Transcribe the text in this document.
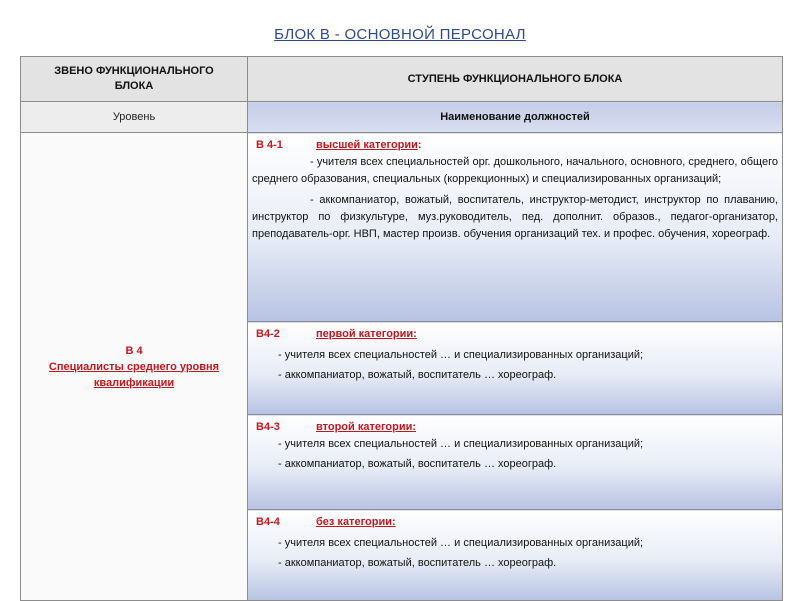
БЛОК В - ОСНОВНОЙ ПЕРСОНАЛ
ЗВЕНО ФУНКЦИОНАЛЬНОГО БЛОКА	СТУПЕНЬ ФУНКЦИОНАЛЬНОГО БЛОКА

Уровень	Наименование должностей

В 4
Специалисты среднего уровня квалификации	В 4-1 высшей категории:
- учителя всех специальностей орг. дошкольного, начального, основного, среднего, общего среднего образования, специальных (коррекционных) и специализированных организаций;
- аккомпаниатор, вожатый, воспитатель, инструктор-методист, инструктор по плаванию, инструктор по физкультуре, муз.руководитель, пед. дополнит. образов., педагог-организатор, преподаватель-орг. НВП, мастер произв. обучения организаций тех. и профес. обучения, хореограф.

	В4-2 первой категории:
- учителя всех специальностей … и специализированных организаций;
- аккомпаниатор, вожатый, воспитатель … хореограф.

	В4-3 второй категории:
- учителя всех специальностей … и специализированных организаций;
- аккомпаниатор, вожатый, воспитатель … хореограф.

	В4-4 без категории:
- учителя всех специальностей … и специализированных организаций;
- аккомпаниатор, вожатый, воспитатель … хореограф.
